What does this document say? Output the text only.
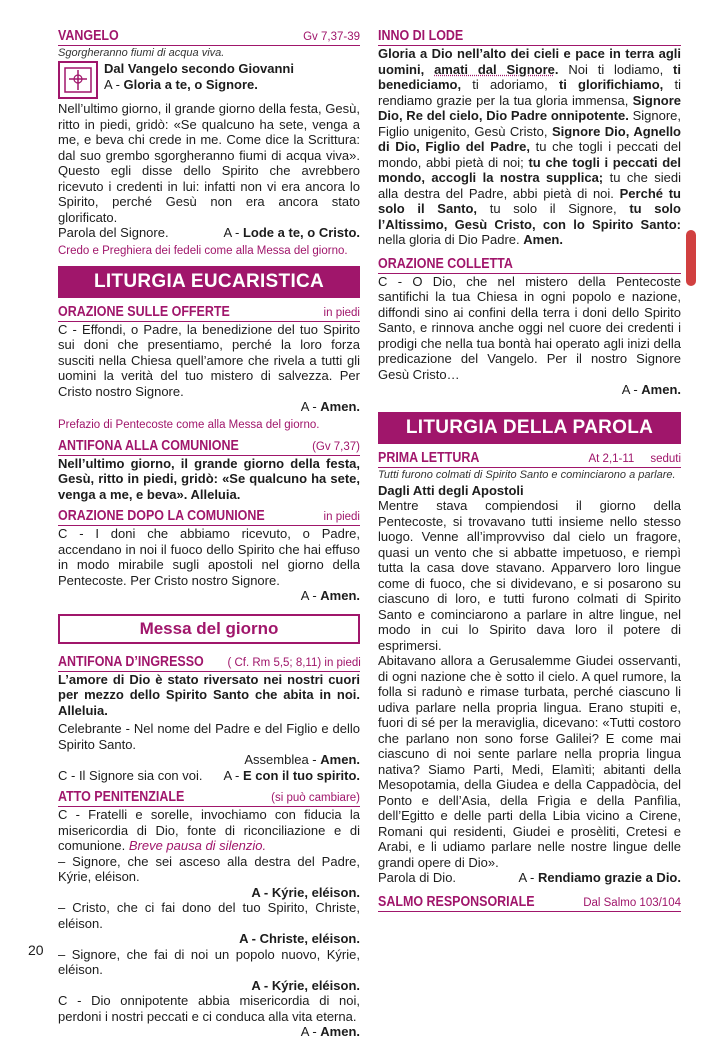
VANGELO	Gv 7,37-39
Sgorgheranno fiumi di acqua viva.

Dal Vangelo secondo Giovanni

A - Gloria a te, o Signore.

Nell’ultimo giorno, il grande giorno della festa, Gesù, ritto in piedi, gridò: «Se qualcuno ha sete, venga a me, e beva chi crede in me. Come dice la Scrittura: dal suo grembo sgorgheranno fiumi di acqua viva». Questo egli disse dello Spirito che avrebbero ricevuto i credenti in lui: infatti non vi era ancora lo Spirito, perché Gesù non era ancora stato glorificato.

Parola del Signore.	A - Lode a te, o Cristo.
Credo e Preghiera dei fedeli come alla Messa del giorno.
LITURGIA EUCARISTICA
ORAZIONE SULLE OFFERTE	in piedi

C - Effondi, o Padre, la benedizione del tuo Spirito sui doni che presentiamo, perché la loro forza susciti nella Chiesa quell’amore che rivela a tutti gli uomini la verità del tuo mistero di salvezza. Per Cristo nostro Signore.

A - Amen.
Prefazio di Pentecoste come alla Messa del giorno.
ANTIFONA ALLA COMUNIONE	(Gv 7,37)

Nell’ultimo giorno, il grande giorno della festa, Gesù, ritto in piedi, gridò: «Se qualcuno ha sete, venga a me, e beva». Alleluia.

ORAZIONE DOPO LA COMUNIONE	in piedi

C - I doni che abbiamo ricevuto, o Padre, accendano in noi il fuoco dello Spirito che hai effuso in modo mirabile sugli apostoli nel giorno della Pentecoste. Per Cristo nostro Signore.

A - Amen.
Messa del giorno
ANTIFONA D’INGRESSO ( Cf. Rm 5,5; 8,11) in piedi

L’amore di Dio è stato riversato nei nostri cuori per mezzo dello Spirito Santo che abita in noi. Alleluia.

Celebrante - Nel nome del Padre e del Figlio e dello Spirito Santo.

Assemblea - Amen.
C - Il Signore sia con voi. A - E con il tuo spirito.
ATTO PENITENZIALE	(si può cambiare)

C - Fratelli e sorelle, invochiamo con fiducia la misericordia di Dio, fonte di riconciliazione e di comunione. Breve pausa di silenzio.

– Signore, che sei asceso alla destra del Padre, Kýrie, eléison.

A - Kýrie, eléison.

– Cristo, che ci fai dono del tuo Spirito, Christe, eléison.

A - Christe, eléison.

– Signore, che fai di noi un popolo nuovo, Kýrie, eléison.

A - Kýrie, eléison.

C - Dio onnipotente abbia misericordia di noi, perdoni i nostri peccati e ci conduca alla vita eterna.

A - Amen.
INNO DI LODE

Gloria a Dio nell’alto dei cieli e pace in terra agli uomini, amati dal Signore. Noi ti lodiamo, ti benediciamo, ti adoriamo, ti glorifichiamo, ti rendiamo grazie per la tua gloria immensa, Signore Dio, Re del cielo, Dio Padre onnipotente. Signore, Figlio unigenito, Gesù Cristo, Signore Dio, Agnello di Dio, Figlio del Padre, tu che togli i peccati del mondo, abbi pietà di noi; tu che togli i peccati del mondo, accogli la nostra supplica; tu che siedi alla destra del Padre, abbi pietà di noi. Perché tu solo il Santo, tu solo il Signore, tu solo l’Altissimo, Gesù Cristo, con lo Spirito Santo: nella gloria di Dio Padre. Amen.

ORAZIONE COLLETTA

C - O Dio, che nel mistero della Pentecoste santifichi la tua Chiesa in ogni popolo e nazione, diffondi sino ai confini della terra i doni dello Spirito Santo, e rinnova anche oggi nel cuore dei credenti i prodigi che nella tua bontà hai operato agli inizi della predicazione del Vangelo. Per il nostro Signore Gesù Cristo…

A - Amen.
LITURGIA DELLA PAROLA
PRIMA LETTURA	At 2,1-11 seduti
Tutti furono colmati di Spirito Santo e cominciarono a parlare.

Dagli Atti degli Apostoli

Mentre stava compiendosi il giorno della Pentecoste, si trovavano tutti insieme nello stesso luogo. Venne all’improvviso dal cielo un fragore, quasi un vento che si abbatte impetuoso, e riempì tutta la casa dove stavano. Apparvero loro lingue come di fuoco, che si dividevano, e si posarono su ciascuno di loro, e tutti furono colmati di Spirito Santo e cominciarono a parlare in altre lingue, nel modo in cui lo Spirito dava loro il potere di esprimersi.

Abitavano allora a Gerusalemme Giudei osservanti, di ogni nazione che è sotto il cielo. A quel rumore, la folla si radunò e rimase turbata, perché ciascuno li udiva parlare nella propria lingua. Erano stupiti e, fuori di sé per la meraviglia, dicevano: «Tutti costoro che parlano non sono forse Galilei? E come mai ciascuno di noi sente parlare nella propria lingua nativa? Siamo Parti, Medi, Elamìti; abitanti della Mesopotamia, della Giudea e della Cappadòcia, del Ponto e dell’Asia, della Frìgia e della Panfìlia, dell’Egitto e delle parti della Libia vicino a Cirene, Romani qui residenti, Giudei e prosèliti, Cretesi e Arabi, e li udiamo parlare nelle nostre lingue delle grandi opere di Dio».

Parola di Dio.	A - Rendiamo grazie a Dio.
SALMO RESPONSORIALE	Dal Salmo 103/104
20
